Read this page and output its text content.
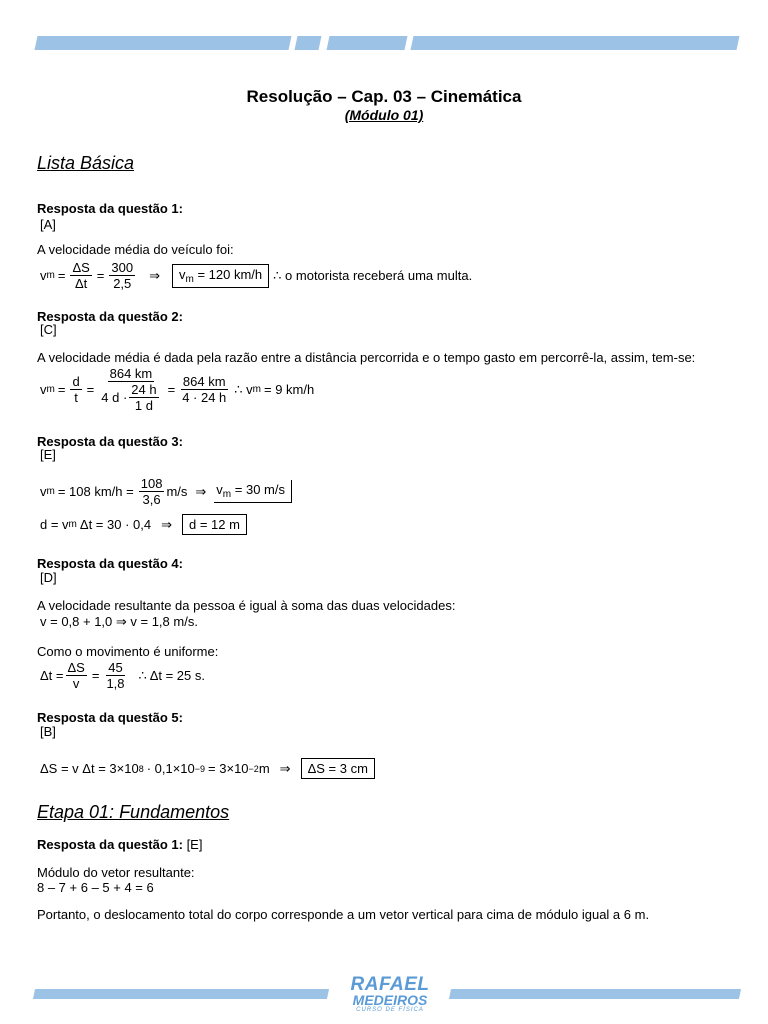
Resolução – Cap. 03 – Cinemática
(Módulo 01)
Lista Básica
Resposta da questão 1:
[A]
A velocidade média do veículo foi:
v $m = \frac{\Delta S}{\Delta t} = \frac{300}{2,5}$ ⇒	$v_m = 120$ km/h ∴ o motorista receberá uma multa.
Resposta da questão 2:
[C]
A velocidade média é dada pela razão entre a distância percorrida e o tempo gasto em percorrê-la, assim, tem-se:
v $m = \frac{d}{t} = \frac{864 km}{4 d \cdot \frac{24 h}{1 d}} = \frac{864 km}{4 \cdot 24 h}$ ∴ v m = 9 km/h
Resposta da questão 3:
[E]
v m = 108 $km/h = \frac{108}{3,6} m/s$ ⇒ $v_m = 30$ m/s
d = v m Δt = 30 · 0,4 ⇒	d = 12 m
Resposta da questão 4:
[D]
A velocidade resultante da pessoa é igual à soma das duas velocidades:
v = 0,8 + 1,0 ⇒ v = 1,8 m/s.
Como o movimento é uniforme:
$\Delta t = \frac{\Delta S}{v} = \frac{45}{1,8}$ ∴ Δt = 25 s.
Resposta da questão 5:
[B]
ΔS = v Δt = 3×10 8 · 0,1×10 −9 = 3×10 −2 m ⇒	ΔS = 3 cm
Etapa 01: Fundamentos
Resposta da questão 1: [E]
Módulo do vetor resultante:
8 – 7 + 6 – 5 + 4 = 6
Portanto, o deslocamento total do corpo corresponde a um vetor vertical para cima de módulo igual a 6 m.
RAFAEL
MEDEIROS
CURSO DE FÍSICA
